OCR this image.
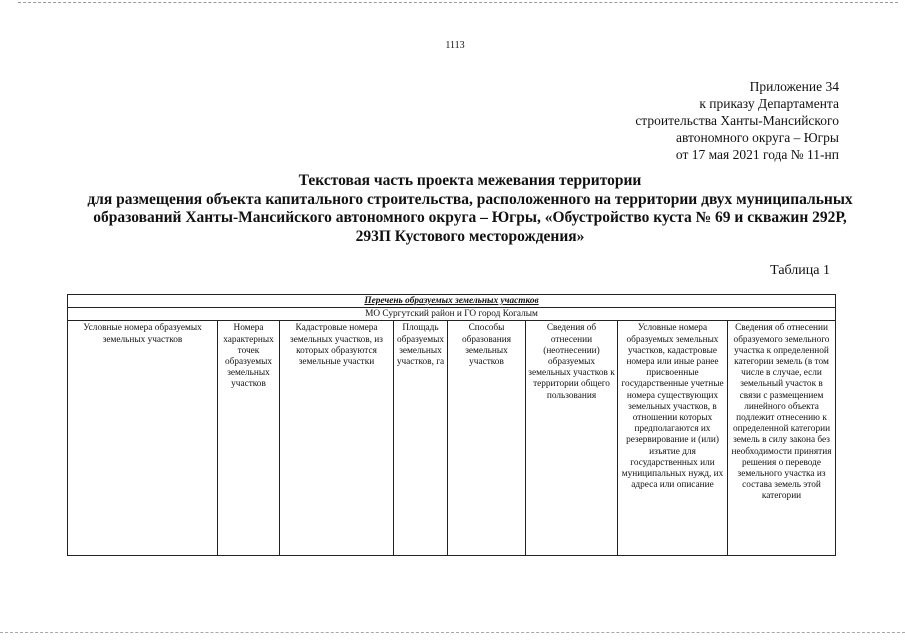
1113
Приложение 34
к приказу Департамента
строительства Ханты-Мансийского
автономного округа – Югры
от 17 мая 2021 года № 11-нп
Текстовая часть проекта межевания территории
для размещения объекта капитального строительства, расположенного на территории двух муниципальных
образований Ханты-Мансийского автономного округа – Югры, «Обустройство куста № 69 и скважин 292Р,
293П Кустового месторождения»
Таблица 1
Перечень образуемых земельных участков
МО Сургутский район и ГО город Когалым
Условные номера образуемых земельных участков	Номера характерных точек образуемых земельных участков	Кадастровые номера земельных участков, из которых образуются земельные участки	Площадь образуемых земельных участков, га	Способы образования земельных участков	Сведения об отнесении (неотнесении) образуемых земельных участков к территории общего пользования	Условные номера образуемых земельных участков, кадастровые номера или иные ранее присвоенные государственные учетные номера существующих земельных участков, в отношении которых предполагаются их резервирование и (или) изъятие для государственных или муниципальных нужд, их адреса или описание	Сведения об отнесении образуемого земельного участка к определенной категории земель (в том числе в случае, если земельный участок в связи с размещением линейного объекта подлежит отнесению к определенной категории земель в силу закона без необходимости принятия решения о переводе земельного участка из состава земель этой категории
